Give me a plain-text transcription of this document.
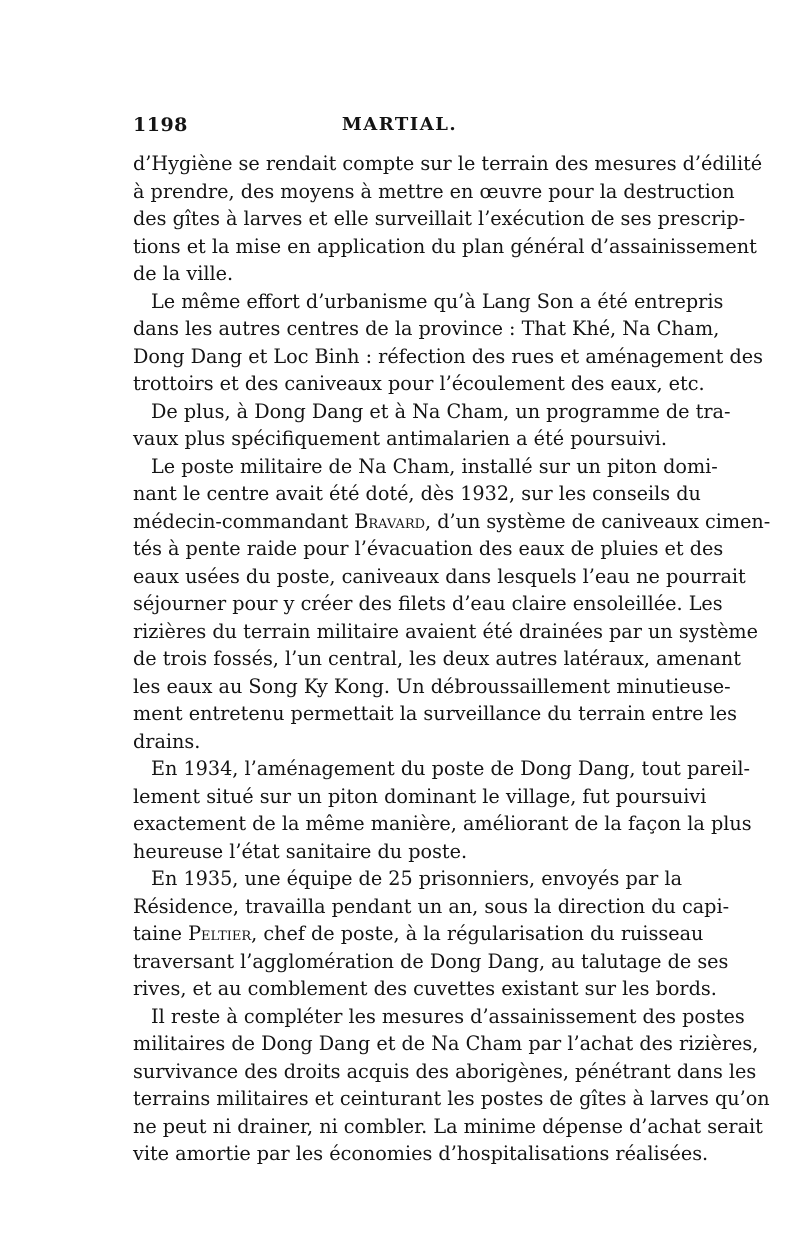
1198	MARTIAL.
d’Hygiène se rendait compte sur le terrain des mesures d’édilité
à prendre, des moyens à mettre en œuvre pour la destruction
des gîtes à larves et elle surveillait l’exécution de ses prescrip-
tions et la mise en application du plan général d’assainissement
de la ville.
Le même effort d’urbanisme qu’à Lang Son a été entrepris
dans les autres centres de la province : That Khé, Na Cham,
Dong Dang et Loc Binh : réfection des rues et aménagement des
trottoirs et des caniveaux pour l’écoulement des eaux, etc.
De plus, à Dong Dang et à Na Cham, un programme de tra-
vaux plus spécifiquement antimalarien a été poursuivi.
Le poste militaire de Na Cham, installé sur un piton domi-
nant le centre avait été doté, dès 1932, sur les conseils du
médecin-commandant Bravard, d’un système de caniveaux cimen-
tés à pente raide pour l’évacuation des eaux de pluies et des
eaux usées du poste, caniveaux dans lesquels l’eau ne pourrait
séjourner pour y créer des filets d’eau claire ensoleillée. Les
rizières du terrain militaire avaient été drainées par un système
de trois fossés, l’un central, les deux autres latéraux, amenant
les eaux au Song Ky Kong. Un débroussaillement minutieuse-
ment entretenu permettait la surveillance du terrain entre les
drains.
En 1934, l’aménagement du poste de Dong Dang, tout pareil-
lement situé sur un piton dominant le village, fut poursuivi
exactement de la même manière, améliorant de la façon la plus
heureuse l’état sanitaire du poste.
En 1935, une équipe de 25 prisonniers, envoyés par la
Résidence, travailla pendant un an, sous la direction du capi-
taine Peltier, chef de poste, à la régularisation du ruisseau
traversant l’agglomération de Dong Dang, au talutage de ses
rives, et au comblement des cuvettes existant sur les bords.
Il reste à compléter les mesures d’assainissement des postes
militaires de Dong Dang et de Na Cham par l’achat des rizières,
survivance des droits acquis des aborigènes, pénétrant dans les
terrains militaires et ceinturant les postes de gîtes à larves qu’on
ne peut ni drainer, ni combler. La minime dépense d’achat serait
vite amortie par les économies d’hospitalisations réalisées.
